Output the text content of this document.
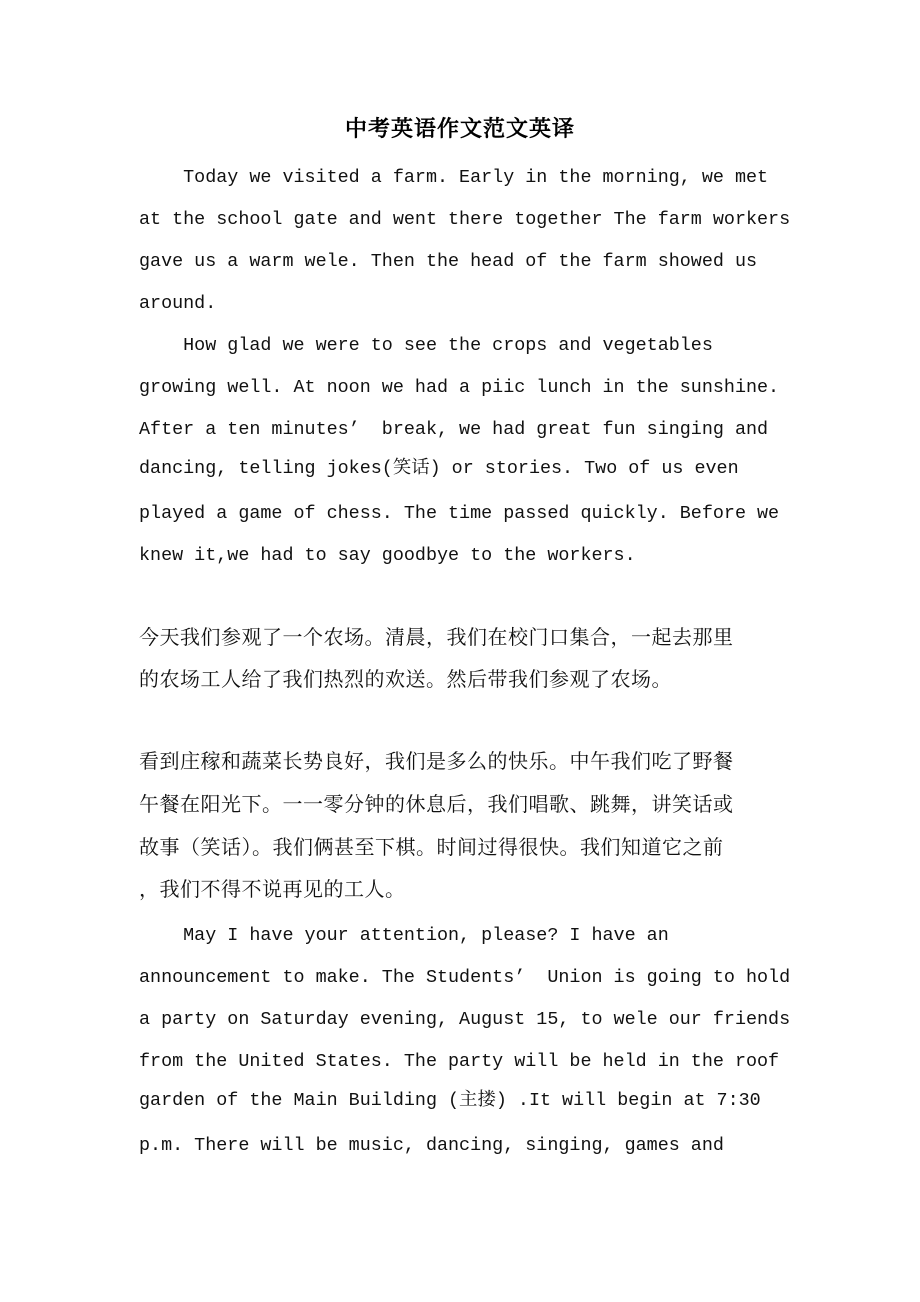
中考英语作文范文英译
Today we visited a farm. Early in the morning, we met
at the school gate and went there together The farm workers
gave us a warm wele. Then the head of the farm showed us
around.
How glad we were to see the crops and vegetables
growing well. At noon we had a piic lunch in the sunshine.
After a ten minutes’  break, we had great fun singing and
dancing, telling jokes(笑话) or stories. Two of us even
played a game of chess. The time passed quickly. Before we
knew it,we had to say goodbye to the workers.
今天我们参观了一个农场。清晨，我们在校门口集合，一起去那里
的农场工人给了我们热烈的欢送。然后带我们参观了农场。
看到庄稼和蔬菜长势良好，我们是多么的快乐。中午我们吃了野餐
午餐在阳光下。一一零分钟的休息后，我们唱歌、跳舞，讲笑话或
故事（笑话）。我们俩甚至下棋。时间过得很快。我们知道它之前
，我们不得不说再见的工人。
May I have your attention, please? I have an
announcement to make. The Students’  Union is going to hold
a party on Saturday evening, August 15, to wele our friends
from the United States. The party will be held in the roof
garden of the Main Building (主搂) .It will begin at 7:30
p.m. There will be music, dancing, singing, games and
